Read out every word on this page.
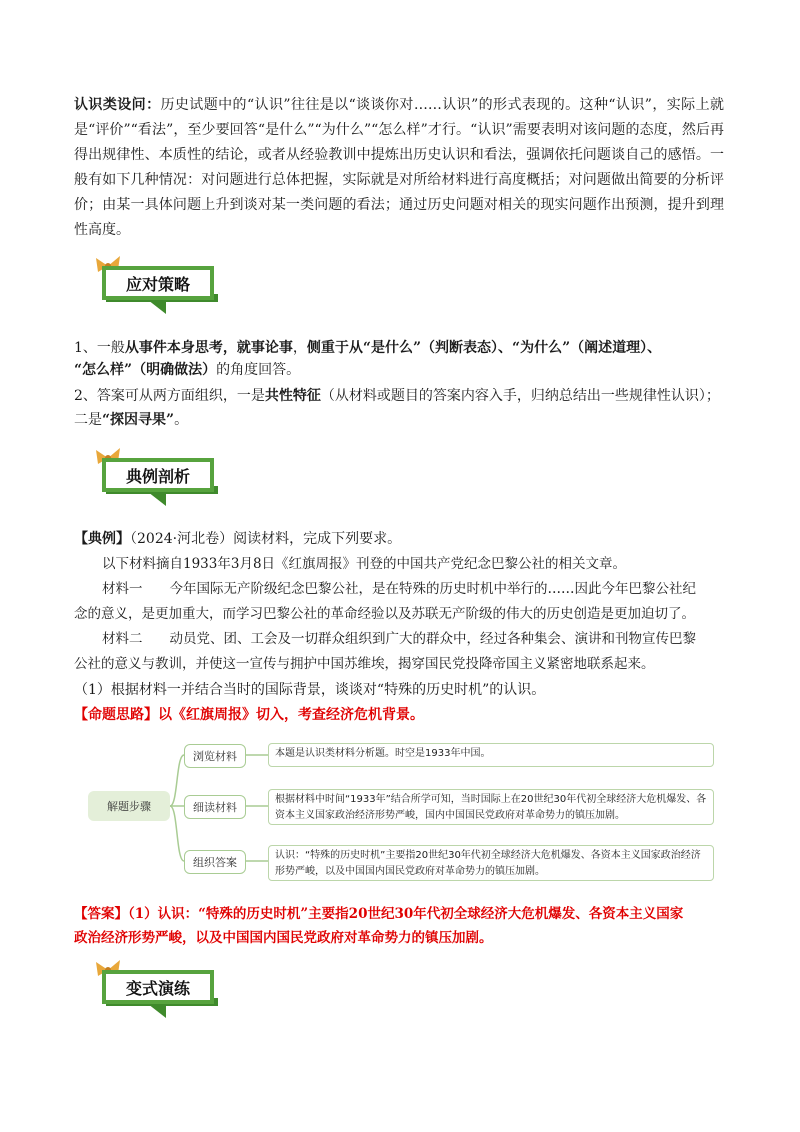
认识类设问：历史试题中的“认识”往往是以“谈谈你对……认识”的形式表现的。这种“认识”，实际上就是“评价”“看法”，至少要回答“是什么”“为什么”“怎么样”才行。“认识”需要表明对该问题的态度，然后再得出规律性、本质性的结论，或者从经验教训中提炼出历史认识和看法，强调依托问题谈自己的感悟。一般有如下几种情况：对问题进行总体把握，实际就是对所给材料进行高度概括；对问题做出简要的分析评价；由某一具体问题上升到谈对某一类问题的看法；通过历史问题对相关的现实问题作出预测，提升到理性高度。
应对策略
1、一般从事件本身思考，就事论事，侧重于从“是什么”（判断表态）、“为什么”（阐述道理）、
“怎么样”（明确做法）的角度回答。
2、答案可从两方面组织，一是共性特征（从材料或题目的答案内容入手，归纳总结出一些规律性认识）；
二是“探因寻果”。
典例剖析
【典例】（2024·河北卷）阅读材料，完成下列要求。
以下材料摘自1933年3月8日《红旗周报》刊登的中国共产党纪念巴黎公社的相关文章。
材料一　　今年国际无产阶级纪念巴黎公社，是在特殊的历史时机中举行的……因此今年巴黎公社纪
念的意义，是更加重大，而学习巴黎公社的革命经验以及苏联无产阶级的伟大的历史创造是更加迫切了。
材料二　　动员党、团、工会及一切群众组织到广大的群众中，经过各种集会、演讲和刊物宣传巴黎
公社的意义与教训，并使这一宣传与拥护中国苏维埃，揭穿国民党投降帝国主义紧密地联系起来。
（1）根据材料一并结合当时的国际背景，谈谈对“特殊的历史时机”的认识。
【命题思路】以《红旗周报》切入，考查经济危机背景。
解题步骤
浏览材料
细读材料
组织答案
本题是认识类材料分析题。时空是1933年中国。
根据材料中时间“1933年”结合所学可知，当时国际上在20世纪30年代初全球经济大危机爆发、各资本主义国家政治经济形势严峻，国内中国国民党政府对革命势力的镇压加剧。
认识：“特殊的历史时机”主要指20世纪30年代初全球经济大危机爆发、各资本主义国家政治经济形势严峻，以及中国国内国民党政府对革命势力的镇压加剧。
【答案】（1）认识：“特殊的历史时机”主要指20世纪30年代初全球经济大危机爆发、各资本主义国家
政治经济形势严峻，以及中国国内国民党政府对革命势力的镇压加剧。
变式演练
